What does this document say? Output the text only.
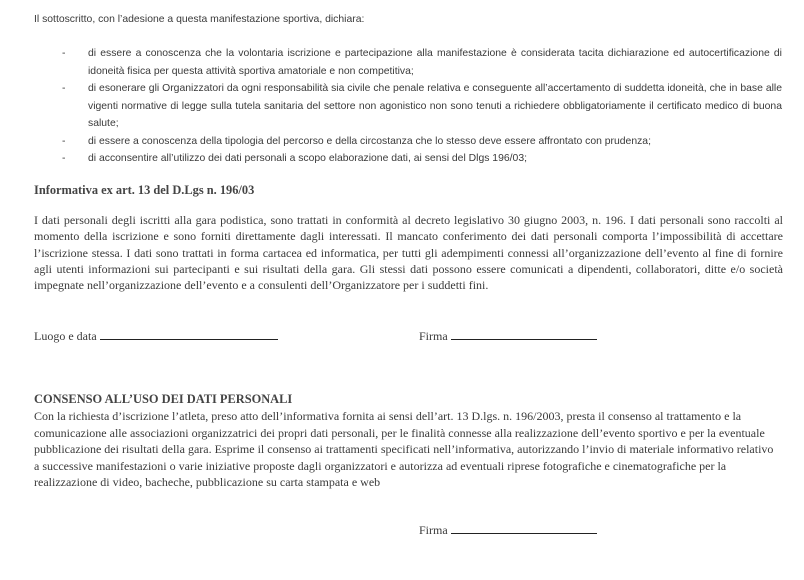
Il sottoscritto, con l’adesione a questa manifestazione sportiva, dichiara:
- di essere a conoscenza che la volontaria iscrizione e partecipazione alla manifestazione è considerata tacita dichiarazione ed autocertificazione di idoneità fisica per questa attività sportiva amatoriale e non competitiva;
- di esonerare gli Organizzatori da ogni responsabilità sia civile che penale relativa e conseguente all’accertamento di suddetta idoneità, che in base alle vigenti normative di legge sulla tutela sanitaria del settore non agonistico non sono tenuti a richiedere obbligatoriamente il certificato medico di buona salute;
- di essere a conoscenza della tipologia del percorso e della circostanza che lo stesso deve essere affrontato con prudenza;
- di acconsentire all’utilizzo dei dati personali a scopo elaborazione dati, ai sensi del Dlgs 196/03;
Informativa ex art. 13 del D.Lgs n. 196/03
I dati personali degli iscritti alla gara podistica, sono trattati in conformità al decreto legislativo 30 giugno 2003, n. 196. I dati personali sono raccolti al momento della iscrizione e sono forniti direttamente dagli interessati. Il mancato conferimento dei dati personali comporta l’impossibilità di accettare l’iscrizione stessa. I dati sono trattati in forma cartacea ed informatica, per tutti gli adempimenti connessi all’organizzazione dell’evento al fine di fornire agli utenti informazioni sui partecipanti e sui risultati della gara. Gli stessi dati possono essere comunicati a dipendenti, collaboratori, ditte e/o società impegnate nell’organizzazione dell’evento e a consulenti dell’Organizzatore per i suddetti fini.
Luogo e data	Firma
CONSENSO ALL’USO DEI DATI PERSONALI
Con la richiesta d’iscrizione l’atleta, preso atto dell’informativa fornita ai sensi dell’art. 13 D.lgs. n. 196/2003, presta il consenso al trattamento e la comunicazione alle associazioni organizzatrici dei propri dati personali, per le finalità connesse alla realizzazione dell’evento sportivo e per la eventuale pubblicazione dei risultati della gara. Esprime il consenso ai trattamenti specificati nell’informativa, autorizzando l’invio di materiale informativo relativo a successive manifestazioni o varie iniziative proposte dagli organizzatori e autorizza ad eventuali riprese fotografiche e cinematografiche per la realizzazione di video, bacheche, pubblicazione su carta stampata e web
Firma
